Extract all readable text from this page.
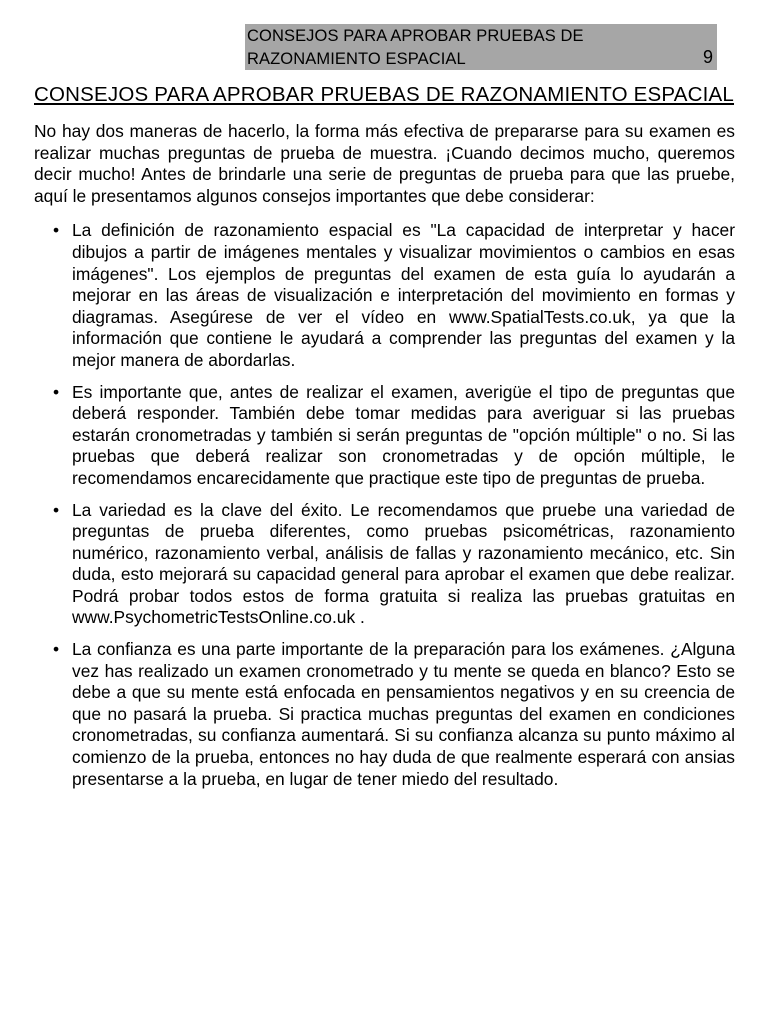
CONSEJOS PARA APROBAR PRUEBAS DE
RAZONAMIENTO ESPACIAL	9
CONSEJOS PARA APROBAR PRUEBAS DE RAZONAMIENTO ESPACIAL

No hay dos maneras de hacerlo, la forma más efectiva de prepararse para su examen es realizar muchas preguntas de prueba de muestra. ¡Cuando decimos mucho, queremos decir mucho! Antes de brindarle una serie de preguntas de prueba para que las pruebe, aquí le presentamos algunos consejos importantes que debe considerar:

• La definición de razonamiento espacial es "La capacidad de interpretar y hacer dibujos a partir de imágenes mentales y visualizar movimientos o cambios en esas imágenes". Los ejemplos de preguntas del examen de esta guía lo ayudarán a mejorar en las áreas de visualización e interpretación del movimiento en formas y diagramas. Asegúrese de ver el vídeo en www.SpatialTests.co.uk, ya que la información que contiene le ayudará a comprender las preguntas del examen y la mejor manera de abordarlas.
• Es importante que, antes de realizar el examen, averigüe el tipo de preguntas que deberá responder. También debe tomar medidas para averiguar si las pruebas estarán cronometradas y también si serán preguntas de "opción múltiple" o no. Si las pruebas que deberá realizar son cronometradas y de opción múltiple, le recomendamos encarecidamente que practique este tipo de preguntas de prueba.
• La variedad es la clave del éxito. Le recomendamos que pruebe una variedad de preguntas de prueba diferentes, como pruebas psicométricas, razonamiento numérico, razonamiento verbal, análisis de fallas y razonamiento mecánico, etc. Sin duda, esto mejorará su capacidad general para aprobar el examen que debe realizar. Podrá probar todos estos de forma gratuita si realiza las pruebas gratuitas en www.PsychometricTestsOnline.co.uk .
• La confianza es una parte importante de la preparación para los exámenes. ¿Alguna vez has realizado un examen cronometrado y tu mente se queda en blanco? Esto se debe a que su mente está enfocada en pensamientos negativos y en su creencia de que no pasará la prueba. Si practica muchas preguntas del examen en condiciones cronometradas, su confianza aumentará. Si su confianza alcanza su punto máximo al comienzo de la prueba, entonces no hay duda de que realmente esperará con ansias presentarse a la prueba, en lugar de tener miedo del resultado.
